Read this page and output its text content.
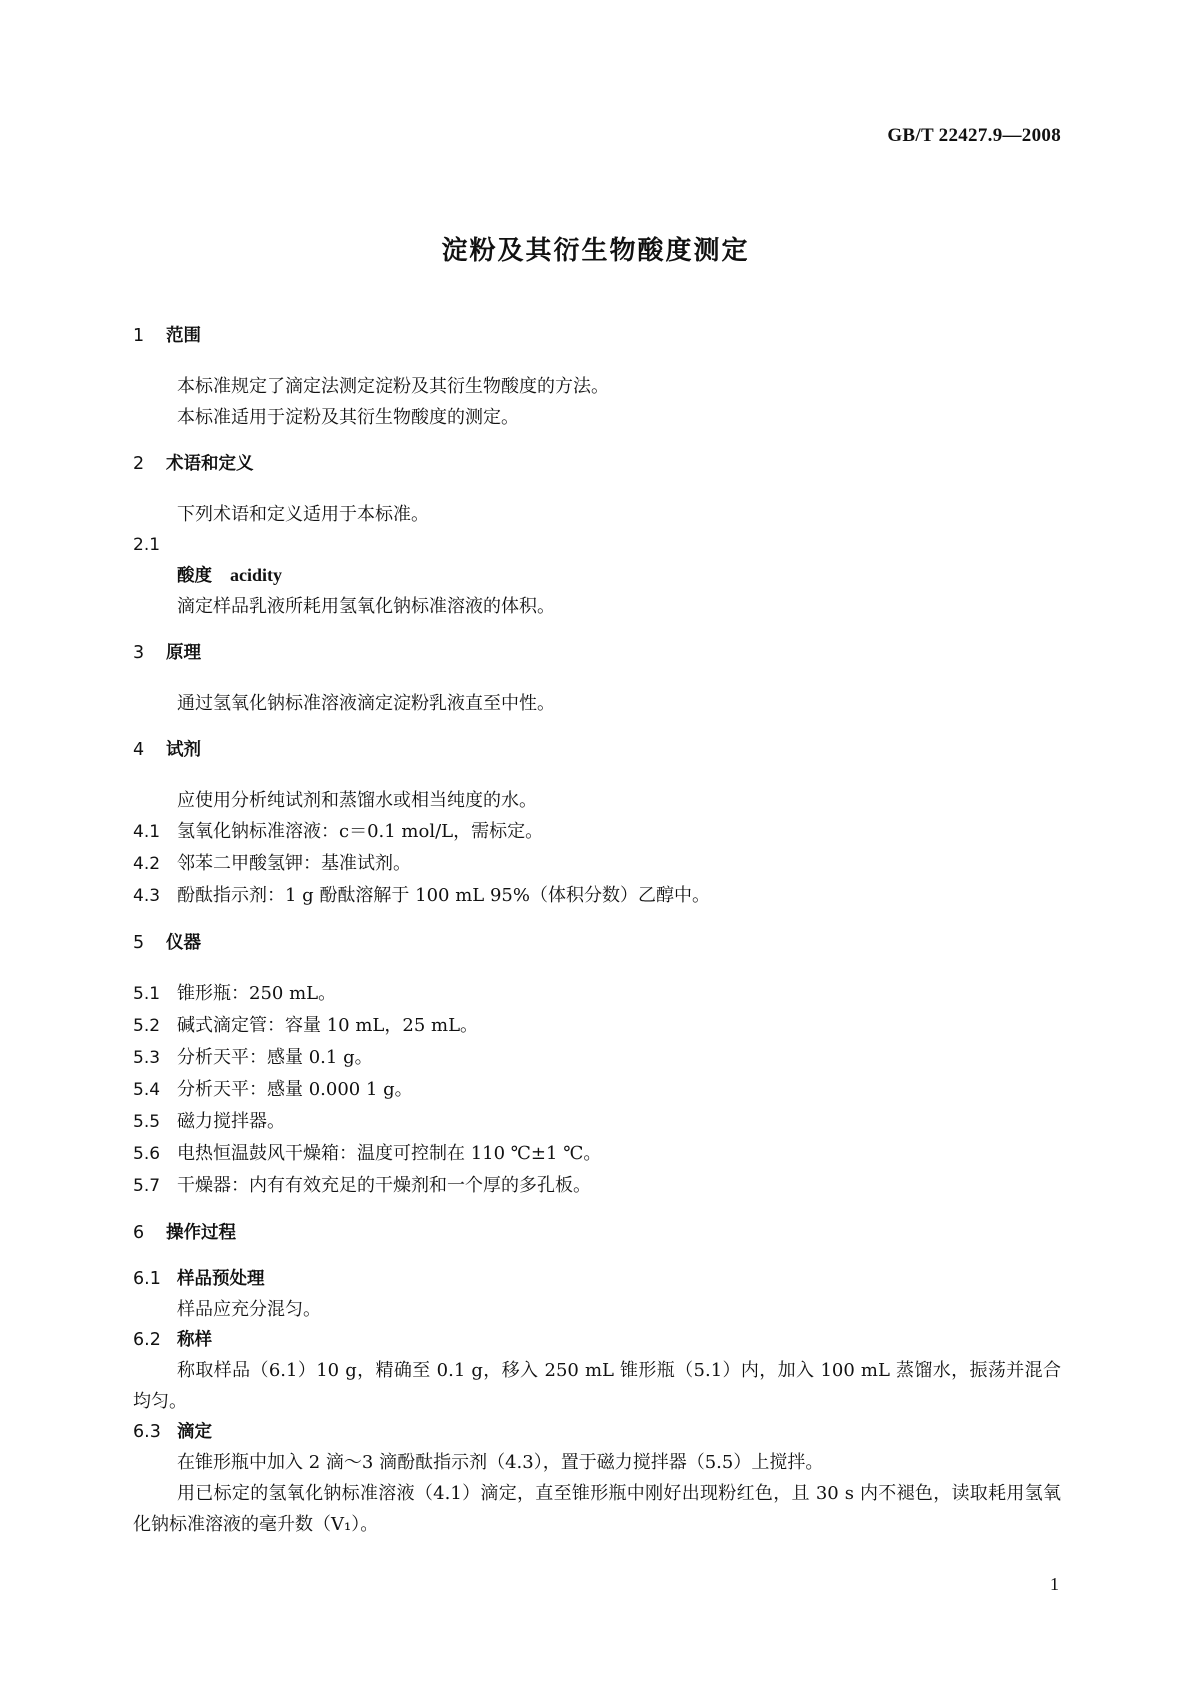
GB/T 22427.9—2008
淀粉及其衍生物酸度测定

1 范围

本标准规定了滴定法测定淀粉及其衍生物酸度的方法。

本标准适用于淀粉及其衍生物酸度的测定。

2 术语和定义

下列术语和定义适用于本标准。

2.1

酸度 acidity

滴定样品乳液所耗用氢氧化钠标准溶液的体积。

3 原理

通过氢氧化钠标准溶液滴定淀粉乳液直至中性。

4 试剂

应使用分析纯试剂和蒸馏水或相当纯度的水。

4.1 氢氧化钠标准溶液：c＝0.1 mol/L，需标定。

4.2 邻苯二甲酸氢钾：基准试剂。

4.3 酚酞指示剂：1 g 酚酞溶解于 100 mL 95%（体积分数）乙醇中。

5 仪器

5.1 锥形瓶：250 mL。

5.2 碱式滴定管：容量 10 mL，25 mL。

5.3 分析天平：感量 0.1 g。

5.4 分析天平：感量 0.000 1 g。

5.5 磁力搅拌器。

5.6 电热恒温鼓风干燥箱：温度可控制在 110 ℃±1 ℃。

5.7 干燥器：内有有效充足的干燥剂和一个厚的多孔板。

6 操作过程

6.1 样品预处理

样品应充分混匀。

6.2 称样

称取样品（6.1）10 g，精确至 0.1 g，移入 250 mL 锥形瓶（5.1）内，加入 100 mL 蒸馏水，振荡并混合均匀。

6.3 滴定

在锥形瓶中加入 2 滴～3 滴酚酞指示剂（4.3），置于磁力搅拌器（5.5）上搅拌。

用已标定的氢氧化钠标准溶液（4.1）滴定，直至锥形瓶中刚好出现粉红色，且 30 s 内不褪色，读取耗用氢氧化钠标准溶液的毫升数（V₁）。

1
